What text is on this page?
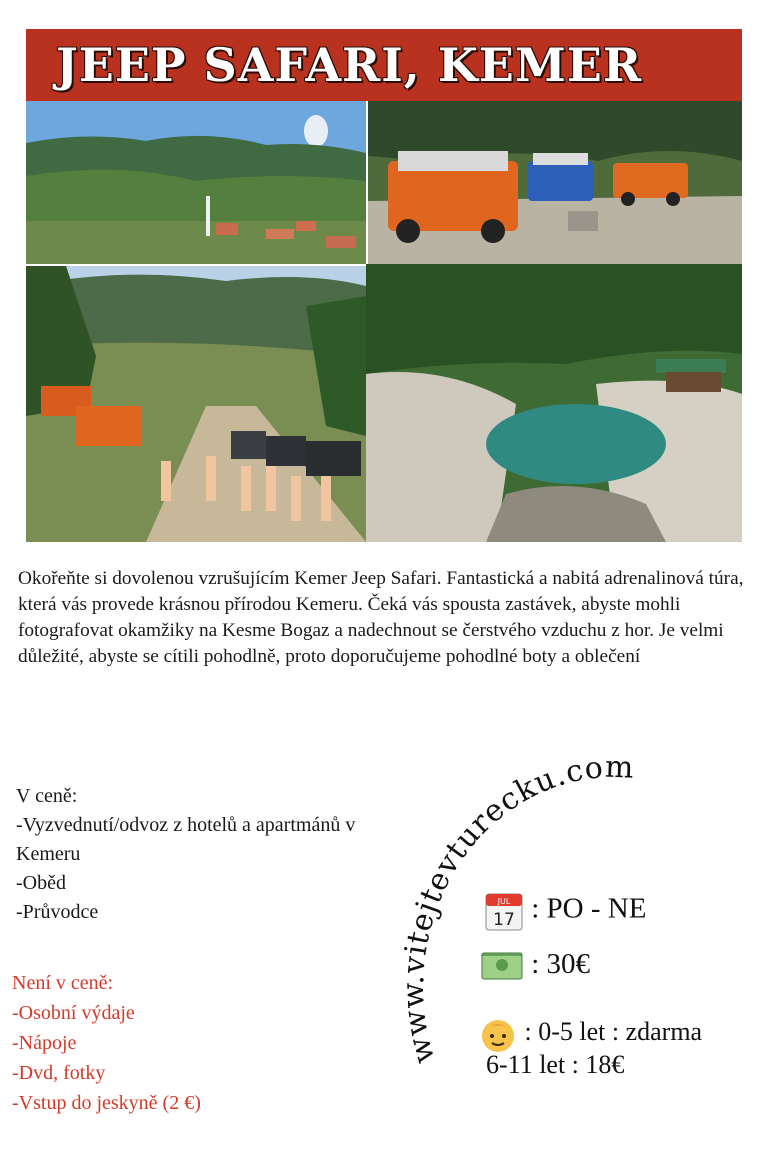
JEEP SAFARI, KEMER
Okořeňte si dovolenou vzrušujícím Kemer Jeep Safari. Fantastická a nabitá adrenalinová túra, která vás provede krásnou přírodou Kemeru. Čeká vás spousta zastávek, abyste mohli fotografovat okamžiky na Kesme Bogaz a nadechnout se čerstvého vzduchu z hor. Je velmi důležité, abyste se cítili pohodlně, proto doporučujeme pohodlné boty a oblečení
V ceně:
-Vyzvednutí/odvoz z hotelů a apartmánů v
Kemeru
-Oběd
-Průvodce
Není v ceně:
-Osobní výdaje
-Nápoje
-Dvd, fotky
-Vstup do jeskyně (2 €)
www.vitejtevturecku.com
JUL
17 : PO - NE
: 30€
: 0-5 let : zdarma
6-11 let : 18€
